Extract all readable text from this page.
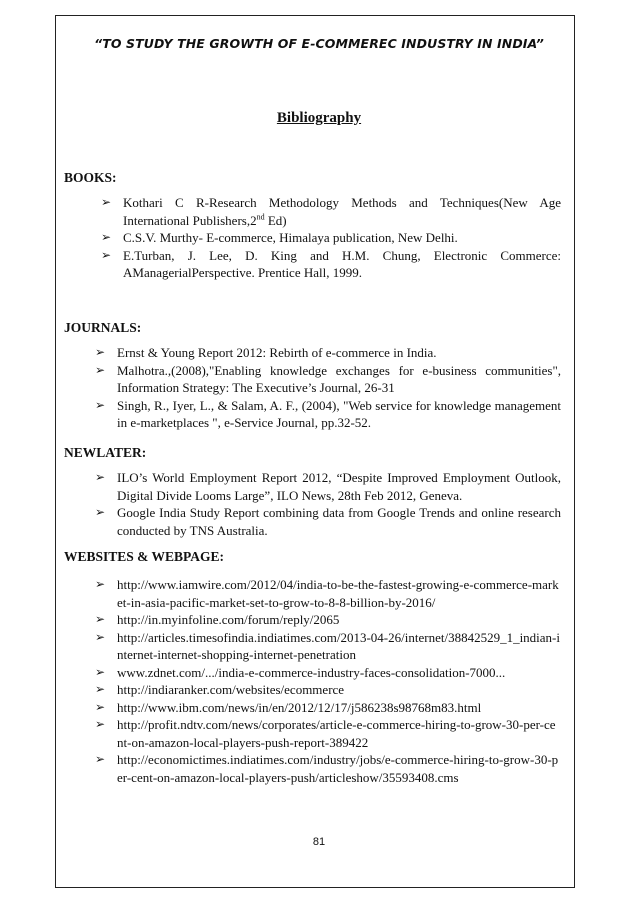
“TO STUDY THE GROWTH OF E-COMMEREC INDUSTRY IN INDIA”
Bibliography
BOOKS:
➢ Kothari C R-Research Methodology Methods and Techniques(New Age International Publishers,2nd Ed)
➢ C.S.V. Murthy- E-commerce, Himalaya publication, New Delhi.
➢ E.Turban, J. Lee, D. King and H.M. Chung, Electronic Commerce: AManagerialPerspective. Prentice Hall, 1999.
JOURNALS:
➢ Ernst & Young Report 2012: Rebirth of e-commerce in India.
➢ Malhotra.,(2008),"Enabling knowledge exchanges for e-business communities", Information Strategy: The Executive’s Journal, 26-31
➢ Singh, R., Iyer, L., & Salam, A. F., (2004), "Web service for knowledge management in e-marketplaces ", e-Service Journal, pp.32-52.
NEWLATER:
➢ ILO’s World Employment Report 2012, “Despite Improved Employment Outlook, Digital Divide Looms Large”, ILO News, 28th Feb 2012, Geneva.
➢ Google India Study Report combining data from Google Trends and online research conducted by TNS Australia.
WEBSITES & WEBPAGE:
➢ http://www.iamwire.com/2012/04/india-to-be-the-fastest-growing-e-commerce-market-in-asia-pacific-market-set-to-grow-to-8-8-billion-by-2016/
➢ http://in.myinfoline.com/forum/reply/2065
➢ http://articles.timesofindia.indiatimes.com/2013-04-26/internet/38842529_1_indian-internet-internet-shopping-internet-penetration
➢ www.zdnet.com/.../india-e-commerce-industry-faces-consolidation-7000...
➢ http://indiaranker.com/websites/ecommerce
➢ http://www.ibm.com/news/in/en/2012/12/17/j586238s98768m83.html
➢ http://profit.ndtv.com/news/corporates/article-e-commerce-hiring-to-grow-30-per-cent-on-amazon-local-players-push-report-389422
➢ http://economictimes.indiatimes.com/industry/jobs/e-commerce-hiring-to-grow-30-per-cent-on-amazon-local-players-push/articleshow/35593408.cms
81
